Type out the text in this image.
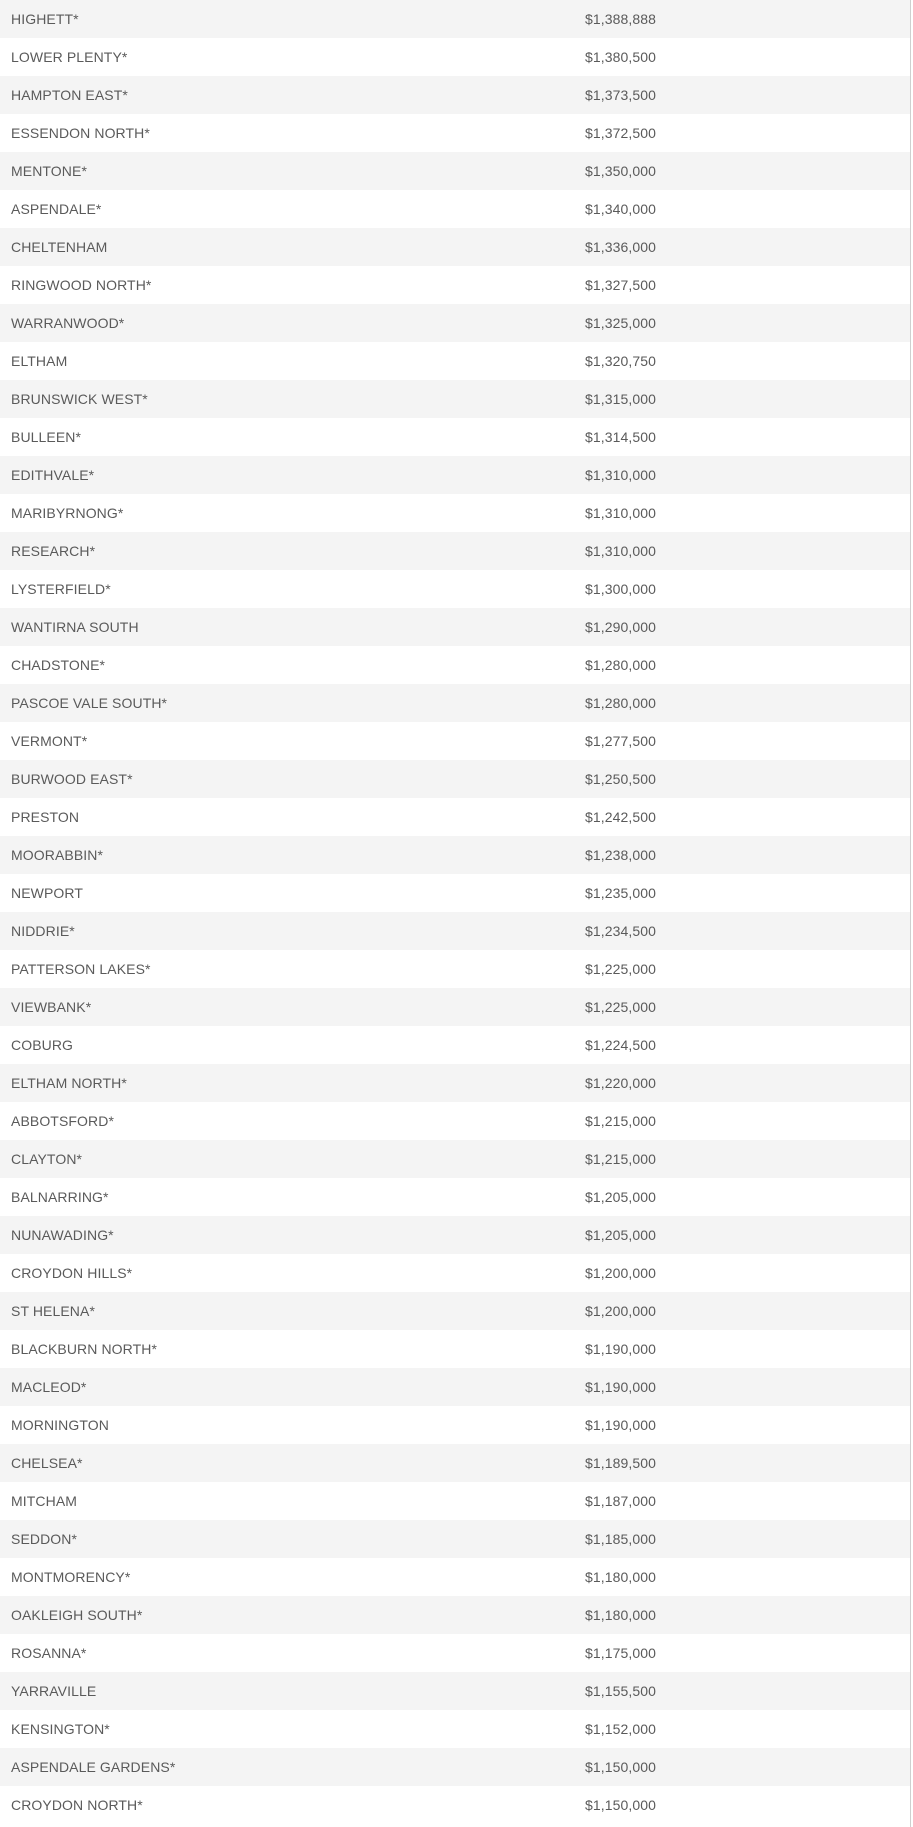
HIGHETT*	$1,388,888
LOWER PLENTY*	$1,380,500
HAMPTON EAST*	$1,373,500
ESSENDON NORTH*	$1,372,500
MENTONE*	$1,350,000
ASPENDALE*	$1,340,000
CHELTENHAM	$1,336,000
RINGWOOD NORTH*	$1,327,500
WARRANWOOD*	$1,325,000
ELTHAM	$1,320,750
BRUNSWICK WEST*	$1,315,000
BULLEEN*	$1,314,500
EDITHVALE*	$1,310,000
MARIBYRNONG*	$1,310,000
RESEARCH*	$1,310,000
LYSTERFIELD*	$1,300,000
WANTIRNA SOUTH	$1,290,000
CHADSTONE*	$1,280,000
PASCOE VALE SOUTH*	$1,280,000
VERMONT*	$1,277,500
BURWOOD EAST*	$1,250,500
PRESTON	$1,242,500
MOORABBIN*	$1,238,000
NEWPORT	$1,235,000
NIDDRIE*	$1,234,500
PATTERSON LAKES*	$1,225,000
VIEWBANK*	$1,225,000
COBURG	$1,224,500
ELTHAM NORTH*	$1,220,000
ABBOTSFORD*	$1,215,000
CLAYTON*	$1,215,000
BALNARRING*	$1,205,000
NUNAWADING*	$1,205,000
CROYDON HILLS*	$1,200,000
ST HELENA*	$1,200,000
BLACKBURN NORTH*	$1,190,000
MACLEOD*	$1,190,000
MORNINGTON	$1,190,000
CHELSEA*	$1,189,500
MITCHAM	$1,187,000
SEDDON*	$1,185,000
MONTMORENCY*	$1,180,000
OAKLEIGH SOUTH*	$1,180,000
ROSANNA*	$1,175,000
YARRAVILLE	$1,155,500
KENSINGTON*	$1,152,000
ASPENDALE GARDENS*	$1,150,000
CROYDON NORTH*	$1,150,000
